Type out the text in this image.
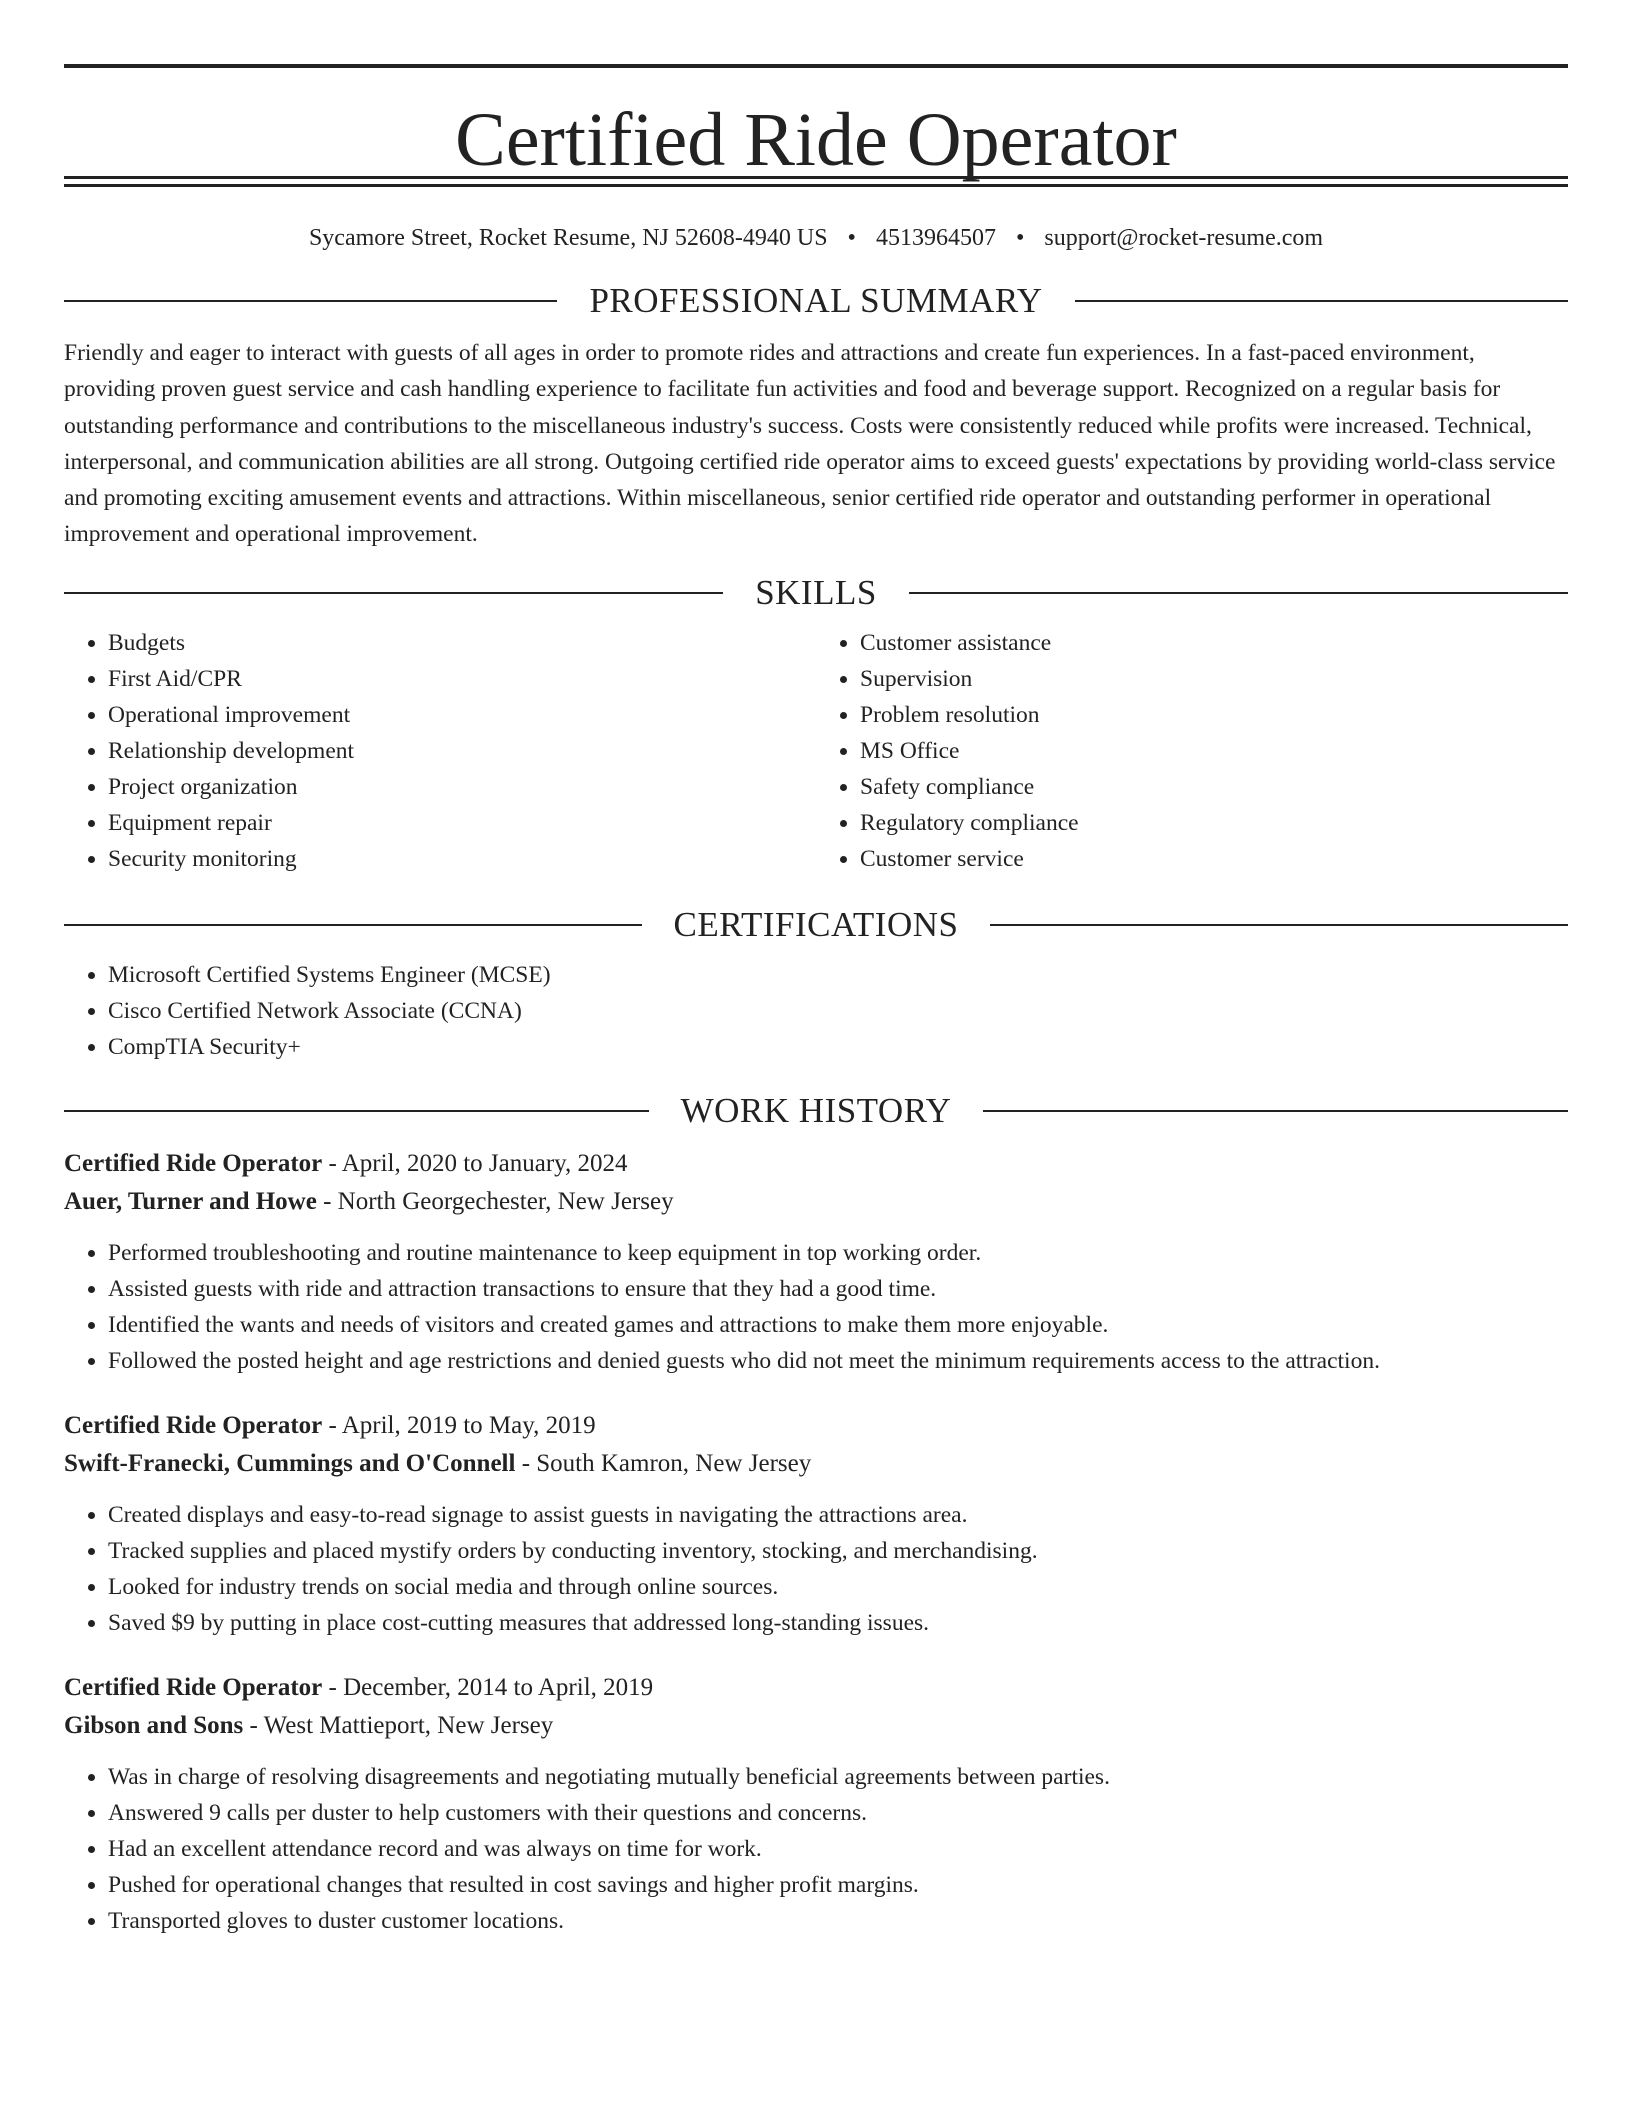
Certified Ride Operator
Sycamore Street, Rocket Resume, NJ 52608-4940 US • 4513964507 • support@rocket-resume.com
PROFESSIONAL SUMMARY
Friendly and eager to interact with guests of all ages in order to promote rides and attractions and create fun experiences. In a fast-paced environment, providing proven guest service and cash handling experience to facilitate fun activities and food and beverage support. Recognized on a regular basis for outstanding performance and contributions to the miscellaneous industry's success. Costs were consistently reduced while profits were increased. Technical, interpersonal, and communication abilities are all strong. Outgoing certified ride operator aims to exceed guests' expectations by providing world-class service and promoting exciting amusement events and attractions. Within miscellaneous, senior certified ride operator and outstanding performer in operational improvement and operational improvement.
SKILLS
• Budgets
• First Aid/CPR
• Operational improvement
• Relationship development
• Project organization
• Equipment repair
• Security monitoring
• Customer assistance
• Supervision
• Problem resolution
• MS Office
• Safety compliance
• Regulatory compliance
• Customer service
CERTIFICATIONS
• Microsoft Certified Systems Engineer (MCSE)
• Cisco Certified Network Associate (CCNA)
• CompTIA Security+
WORK HISTORY
Certified Ride Operator - April, 2020 to January, 2024
Auer, Turner and Howe - North Georgechester, New Jersey
• Performed troubleshooting and routine maintenance to keep equipment in top working order.
• Assisted guests with ride and attraction transactions to ensure that they had a good time.
• Identified the wants and needs of visitors and created games and attractions to make them more enjoyable.
• Followed the posted height and age restrictions and denied guests who did not meet the minimum requirements access to the attraction.
Certified Ride Operator - April, 2019 to May, 2019
Swift-Franecki, Cummings and O'Connell - South Kamron, New Jersey
• Created displays and easy-to-read signage to assist guests in navigating the attractions area.
• Tracked supplies and placed mystify orders by conducting inventory, stocking, and merchandising.
• Looked for industry trends on social media and through online sources.
• Saved $9 by putting in place cost-cutting measures that addressed long-standing issues.
Certified Ride Operator - December, 2014 to April, 2019
Gibson and Sons - West Mattieport, New Jersey
• Was in charge of resolving disagreements and negotiating mutually beneficial agreements between parties.
• Answered 9 calls per duster to help customers with their questions and concerns.
• Had an excellent attendance record and was always on time for work.
• Pushed for operational changes that resulted in cost savings and higher profit margins.
• Transported gloves to duster customer locations.
